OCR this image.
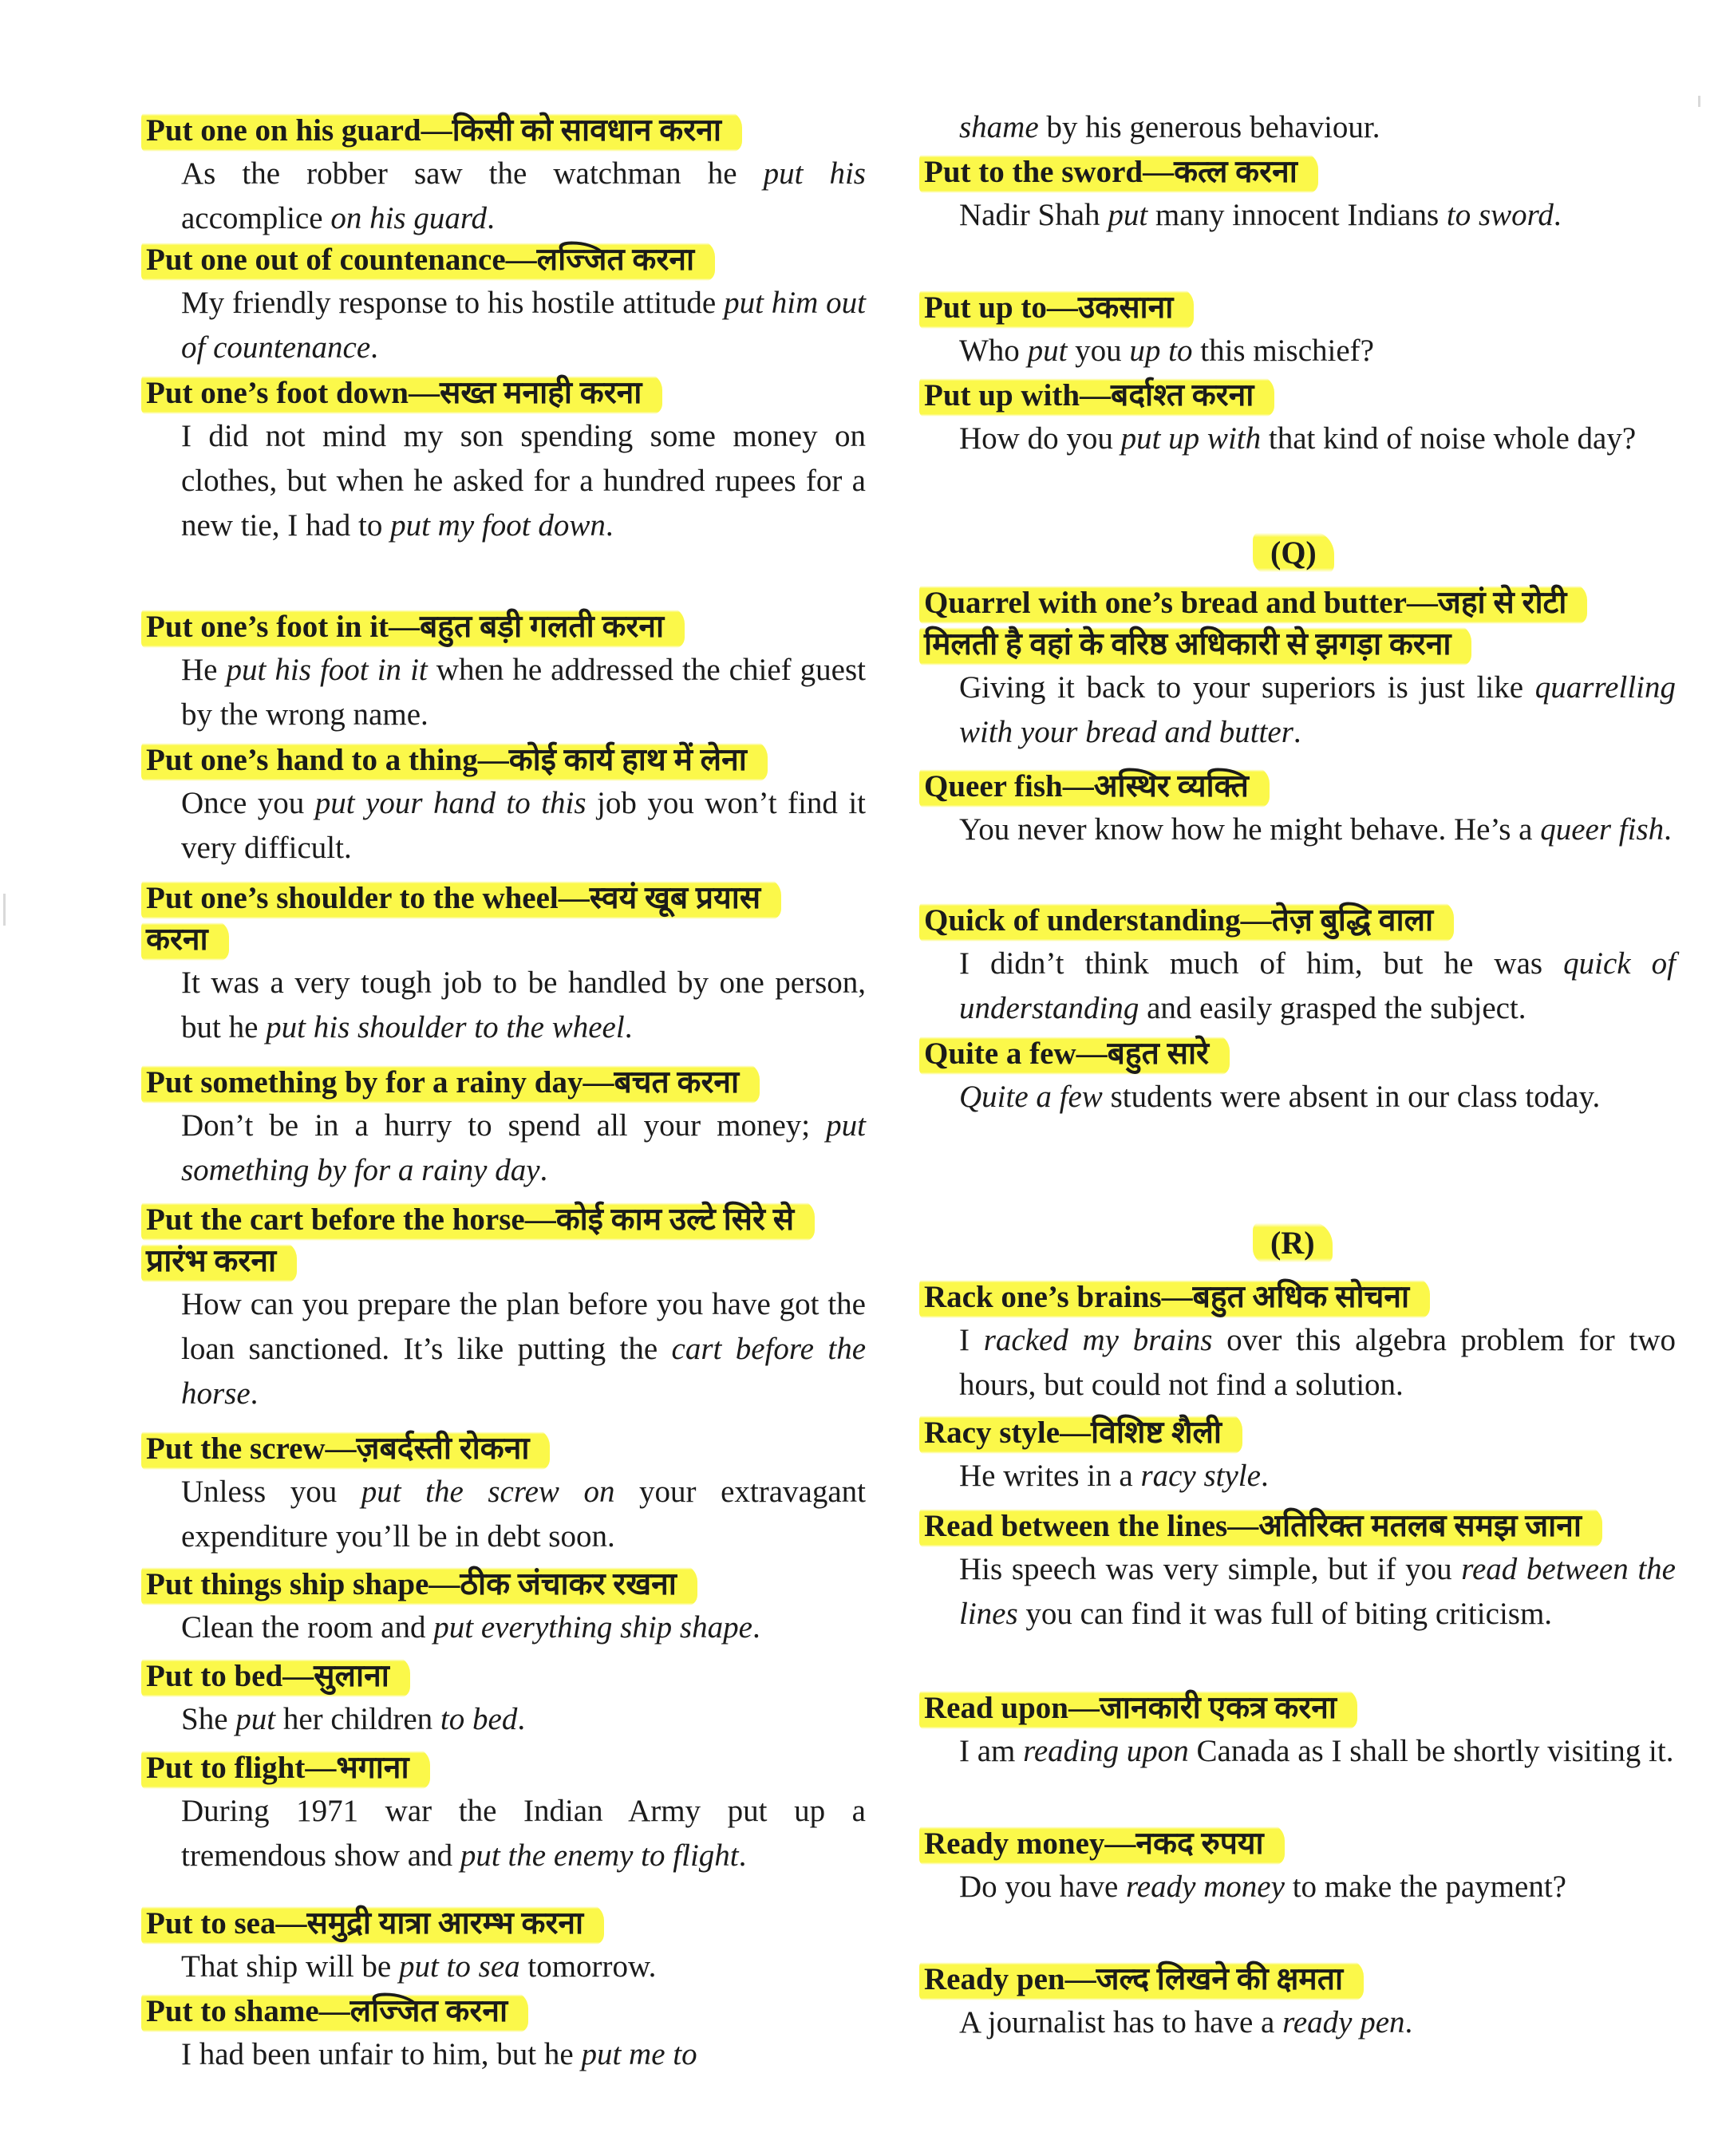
Put one on his guard—किसी को सावधान करना
As the robber saw the watchman he put his accomplice on his guard.
Put one out of countenance—लज्जित करना
My friendly response to his hostile attitude put him out of countenance.
Put one’s foot down—सख्त मनाही करना
I did not mind my son spending some money on clothes, but when he asked for a hundred rupees for a new tie, I had to put my foot down.
Put one’s foot in it—बहुत बड़ी गलती करना
He put his foot in it when he addressed the chief guest by the wrong name.
Put one’s hand to a thing—कोई कार्य हाथ में लेना
Once you put your hand to this job you won’t find it very difficult.
Put one’s shoulder to the wheel—स्वयं खूब प्रयास
करना
It was a very tough job to be handled by one person, but he put his shoulder to the wheel.
Put something by for a rainy day—बचत करना
Don’t be in a hurry to spend all your money; put something by for a rainy day.
Put the cart before the horse—कोई काम उल्टे सिरे से
प्रारंभ करना
How can you prepare the plan before you have got the loan sanctioned. It’s like putting the cart before the horse.
Put the screw—ज़बर्दस्ती रोकना
Unless you put the screw on your extravagant expenditure you’ll be in debt soon.
Put things ship shape—ठीक जंचाकर रखना
Clean the room and put everything ship shape.
Put to bed—सुलाना
She put her children to bed.
Put to flight—भगाना
During 1971 war the Indian Army put up a tremendous show and put the enemy to flight.
Put to sea—समुद्री यात्रा आरम्भ करना
That ship will be put to sea tomorrow.
Put to shame—लज्जित करना
I had been unfair to him, but he put me to
shame by his generous behaviour.
Put to the sword—कत्ल करना
Nadir Shah put many innocent Indians to sword.
Put up to—उकसाना
Who put you up to this mischief?
Put up with—बर्दाश्त करना
How do you put up with that kind of noise whole day?
(Q)
Quarrel with one’s bread and butter—जहां से रोटी
मिलती है वहां के वरिष्ठ अधिकारी से झगड़ा करना
Giving it back to your superiors is just like quarrelling with your bread and butter.
Queer fish—अस्थिर व्यक्ति
You never know how he might behave. He’s a queer fish.
Quick of understanding—तेज़ बुद्धि वाला
I didn’t think much of him, but he was quick of understanding and easily grasped the subject.
Quite a few—बहुत सारे
Quite a few students were absent in our class today.
(R)
Rack one’s brains—बहुत अधिक सोचना
I racked my brains over this algebra problem for two hours, but could not find a solution.
Racy style—विशिष्ट शैली
He writes in a racy style.
Read between the lines—अतिरिक्त मतलब समझ जाना
His speech was very simple, but if you read between the lines you can find it was full of biting criticism.
Read upon—जानकारी एकत्र करना
I am reading upon Canada as I shall be shortly visiting it.
Ready money—नकद रुपया
Do you have ready money to make the payment?
Ready pen—जल्द लिखने की क्षमता
A journalist has to have a ready pen.
